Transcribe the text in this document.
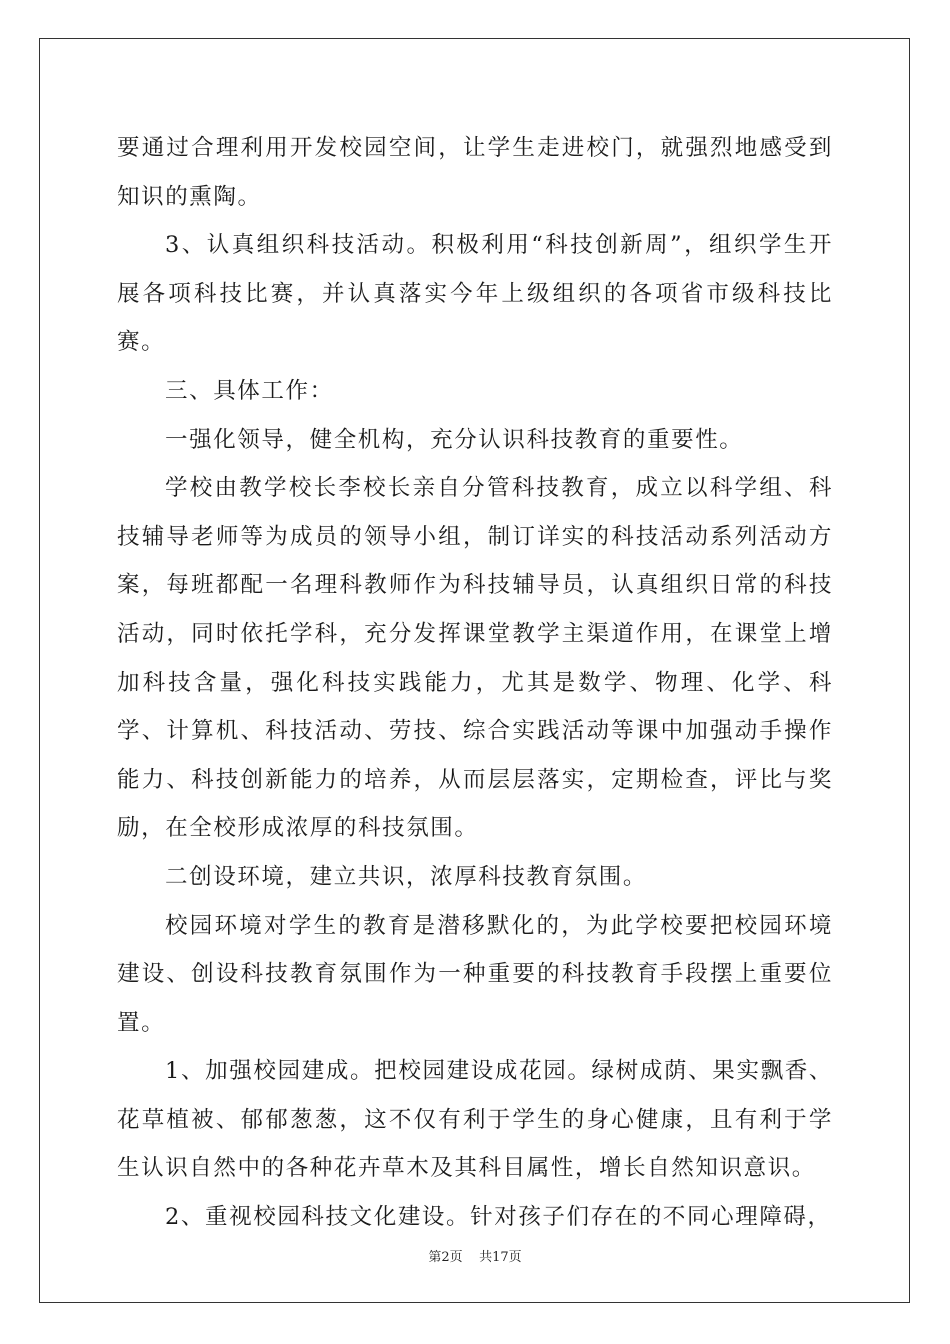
要通过合理利用开发校园空间，让学生走进校门，就强烈地感受到知识的熏陶。

3、认真组织科技活动。积极利用“科技创新周”，组织学生开展各项科技比赛，并认真落实今年上级组织的各项省市级科技比赛。

三、具体工作：

一强化领导，健全机构，充分认识科技教育的重要性。

学校由教学校长李校长亲自分管科技教育，成立以科学组、科技辅导老师等为成员的领导小组，制订详实的科技活动系列活动方案，每班都配一名理科教师作为科技辅导员，认真组织日常的科技活动，同时依托学科，充分发挥课堂教学主渠道作用，在课堂上增加科技含量，强化科技实践能力，尤其是数学、物理、化学、科学、计算机、科技活动、劳技、综合实践活动等课中加强动手操作能力、科技创新能力的培养，从而层层落实，定期检查，评比与奖励，在全校形成浓厚的科技氛围。

二创设环境，建立共识，浓厚科技教育氛围。

校园环境对学生的教育是潜移默化的，为此学校要把校园环境建设、创设科技教育氛围作为一种重要的科技教育手段摆上重要位置。

1、加强校园建成。把校园建设成花园。绿树成荫、果实飘香、花草植被、郁郁葱葱，这不仅有利于学生的身心健康，且有利于学生认识自然中的各种花卉草木及其科目属性，增长自然知识意识。

2、重视校园科技文化建设。针对孩子们存在的不同心理障碍，

第2页 共17页
